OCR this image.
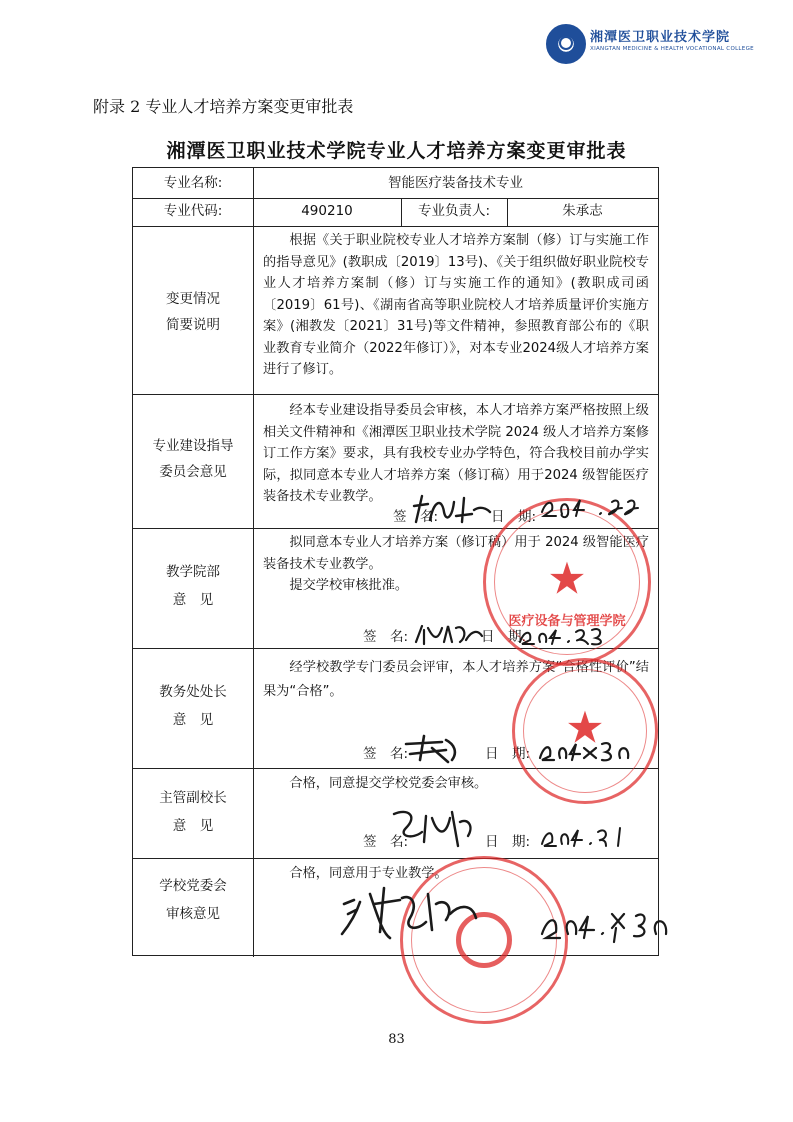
湘潭医卫职业技术学院
XIANGTAN MEDICINE & HEALTH VOCATIONAL COLLEGE
附录 2 专业人才培养方案变更审批表
湘潭医卫职业技术学院专业人才培养方案变更审批表
专业名称:	智能医疗装备技术专业
专业代码:	490210	专业负责人:	朱承志
变更情况
简要说明

根据《关于职业院校专业人才培养方案制（修）订与实施工作的指导意见》(教职成〔2019〕13号)、《关于组织做好职业院校专业人才培养方案制（修）订与实施工作的通知》(教职成司函〔2019〕61号)、《湖南省高等职业院校人才培养质量评价实施方案》(湘教发〔2021〕31号)等文件精神，参照教育部公布的《职业教育专业简介（2022年修订）》，对本专业2024级人才培养方案进行了修订。

专业建设指导
委员会意见

经本专业建设指导委员会审核，本人才培养方案严格按照上级相关文件精神和《湘潭医卫职业技术学院 2024 级人才培养方案修订工作方案》要求，具有我校专业办学特色，符合我校目前办学实际，拟同意本专业人才培养方案（修订稿）用于2024 级智能医疗装备技术专业教学。

签　名:	日　期:
教学院部
意　见

拟同意本专业人才培养方案（修订稿）用于 2024 级智能医疗装备技术专业教学。

提交学校审核批准。

签　名:	日　期:
教务处处长
意　见

经学校教学专门委员会评审，本人才培养方案“合格性评价”结果为“合格”。

签　名:	日　期:
主管副校长
意　见

合格，同意提交学校党委会审核。

签　名:	日　期:
学校党委会
审核意见

合格，同意用于专业教学。

★
医疗设备与管理学院
★
83
